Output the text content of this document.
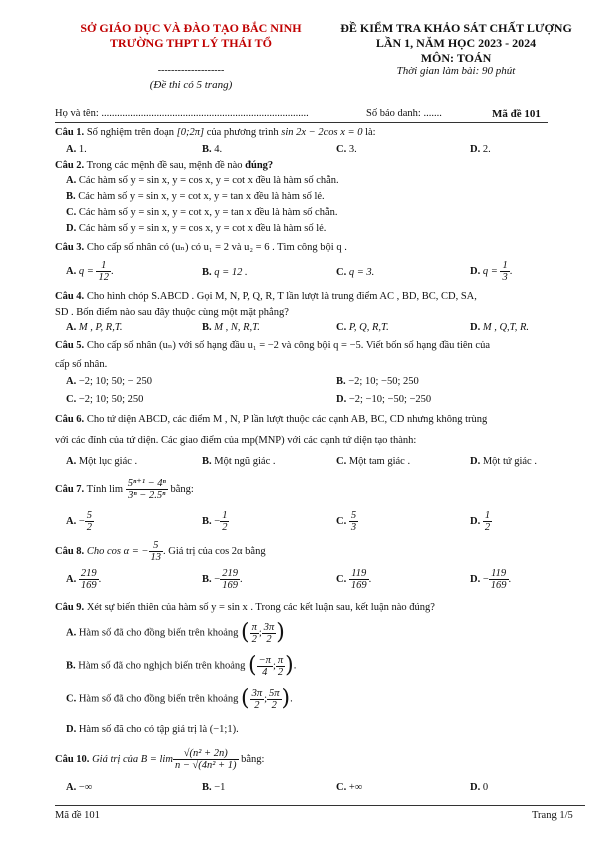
SỞ GIÁO DỤC VÀ ĐÀO TẠO BẮC NINH
TRƯỜNG THPT LÝ THÁI TỔ
--------------------
(Đề thi có 5 trang)
ĐỀ KIỂM TRA KHẢO SÁT CHẤT LƯỢNG
LẦN 1, NĂM HỌC 2023 - 2024
MÔN: TOÁN
Thời gian làm bài: 90 phút
Họ và tên: ...............................................................................	Số báo danh: .......	Mã đề 101
Câu 1. Số nghiệm trên đoạn [0;2π] của phương trình sin 2x − 2cos x = 0 là:
A. 1.	B. 4.	C. 3.	D. 2.
Câu 2. Trong các mệnh đề sau, mệnh đề nào đúng?
A. Các hàm số y = sin x, y = cos x, y = cot x đều là hàm số chẵn.
B. Các hàm số y = sin x, y = cot x, y = tan x đều là hàm số lẻ.
C. Các hàm số y = sin x, y = cot x, y = tan x đều là hàm số chẵn.
D. Các hàm số y = sin x, y = cos x, y = cot x đều là hàm số lẻ.
Câu 3. Cho cấp số nhân có (uₙ) có u₁ = 2 và u₂ = 6 . Tìm công bội q .
A. $q = \frac{1}{12}$ .	B. q = 12 .	C. q = 3.	D. $q = \frac{1}{3}$ .
Câu 4. Cho hình chóp S.ABCD . Gọi M, N, P, Q, R, T lần lượt là trung điểm AC , BD, BC, CD, SA,
SD . Bốn điểm nào sau đây thuộc cùng một mặt phẳng?
A. M , P, R,T.	B. M , N, R,T.	C. P, Q, R,T.	D. M , Q,T, R.
Câu 5. Cho cấp số nhân (uₙ) với số hạng đầu u₁ = −2 và công bội q = −5. Viết bốn số hạng đầu tiên của
cấp số nhân.
A. −2; 10; 50; − 250	B. −2; 10; −50; 250
C. −2; 10; 50; 250	D. −2; −10; −50; −250
Câu 6. Cho tứ diện ABCD, các điểm M , N, P lần lượt thuộc các cạnh AB, BC, CD nhưng không trùng
với các đỉnh của tứ diện. Các giao điểm của mp(MNP) với các cạnh tứ diện tạo thành:
A. Một lục giác .	B. Một ngũ giác .	C. Một tam giác .	D. Một tứ giác .
Câu 7. Tính $\lim \frac{\text{5ⁿ⁺¹ − 4ⁿ}}{\text{3ⁿ − 2.5ⁿ}}$ bằng:
A. − $\frac{5}{2}$	B. − $\frac{1}{2}$	C. $\frac{5}{3}$	D. $\frac{1}{2}$
Câu 8. Cho cos α = − $\frac{5}{13}$ . Giá trị của cos 2α bằng
A. $\frac{219}{169}$ .	B. − $\frac{219}{169}$ .	C. $\frac{119}{169}$ .	D. − $\frac{119}{169}$ .
Câu 9. Xét sự biến thiên của hàm số y = sin x . Trong các kết luận sau, kết luận nào đúng?
A. Hàm số đã cho đồng biến trên khoảng ( $\frac{\pi}{2}$ ; $\frac{3\pi}{2}$ )
B. Hàm số đã cho nghịch biến trên khoảng ( $\frac{-\pi}{4}$ ; $\frac{\pi}{2}$ ).
C. Hàm số đã cho đồng biến trên khoảng ( $\frac{3\pi}{2}$ ; $\frac{5\pi}{2}$ ).
D. Hàm số đã cho có tập giá trị là (−1;1).
Câu 10. Giá trị của $B = \lim \frac{\text{√(n² + 2n)}}{\text{n − √(4n² + 1)}}$ bằng:
A. −∞	B. −1	C. +∞	D. 0
Mã đề 101	Trang 1/5
